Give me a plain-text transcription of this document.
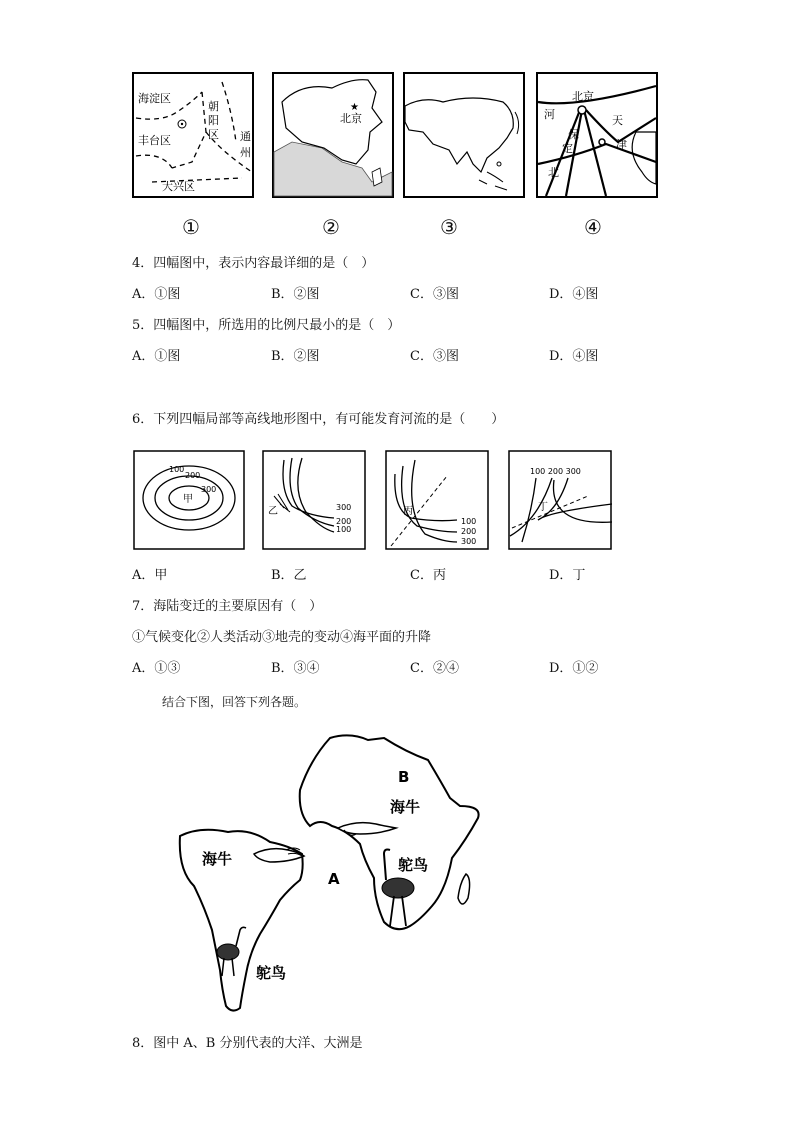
海淀区
朝
阳
区
丰台区	通
州
大兴区
★
北京
北京
天
河
保
定	津
北
①	②	③	④
4．四幅图中，表示内容最详细的是（　）
A．①图	B．②图	C．③图	D．④图
5．四幅图中，所选用的比例尺最小的是（　）
A．①图	B．②图	C．③图	D．④图
6．下列四幅局部等高线地形图中，有可能发育河流的是（　　）
100
200
300
甲
300
200
100
乙	丙
100
200
300
100 200 300
丁
A．甲	B．乙	C．丙	D．丁
7．海陆变迁的主要原因有（　）
①气候变化②人类活动③地壳的变动④海平面的升降
A．①③	B．③④	C．②④	D．①②
结合下图，回答下列各题。
B
海牛
海牛
A
鸵鸟
鸵鸟
8．图中 A、B 分别代表的大洋、大洲是
